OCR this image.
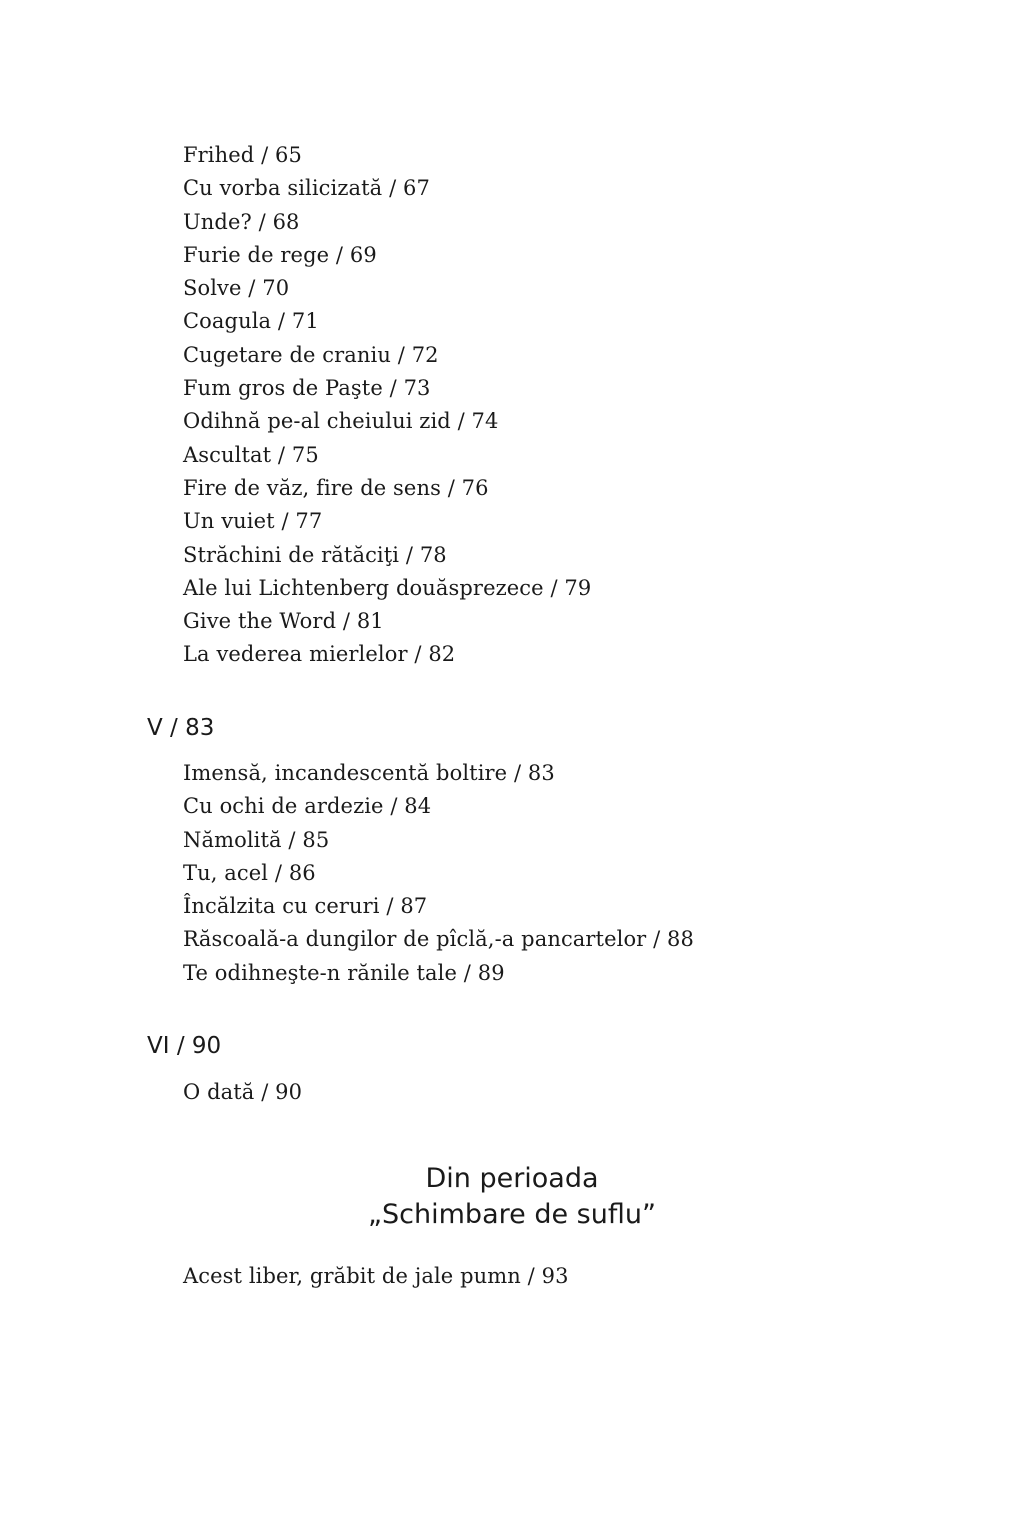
Frihed / 65
Cu vorba silicizată / 67
Unde? / 68
Furie de rege / 69
Solve / 70
Coagula / 71
Cugetare de craniu / 72
Fum gros de Paşte / 73
Odihnă pe-al cheiului zid / 74
Ascultat / 75
Fire de văz, fire de sens / 76
Un vuiet / 77
Străchini de rătăciţi / 78
Ale lui Lichtenberg douăsprezece / 79
Give the Word / 81
La vederea mierlelor / 82
V / 83
Imensă, incandescentă boltire / 83
Cu ochi de ardezie / 84
Nămolită / 85
Tu, acel / 86
Încălzita cu ceruri / 87
Răscoală-a dungilor de pîclă,-a pancartelor / 88
Te odihneşte-n rănile tale / 89
VI / 90
O dată / 90
Din perioada
„Schimbare de suflu”
Acest liber, grăbit de jale pumn / 93
